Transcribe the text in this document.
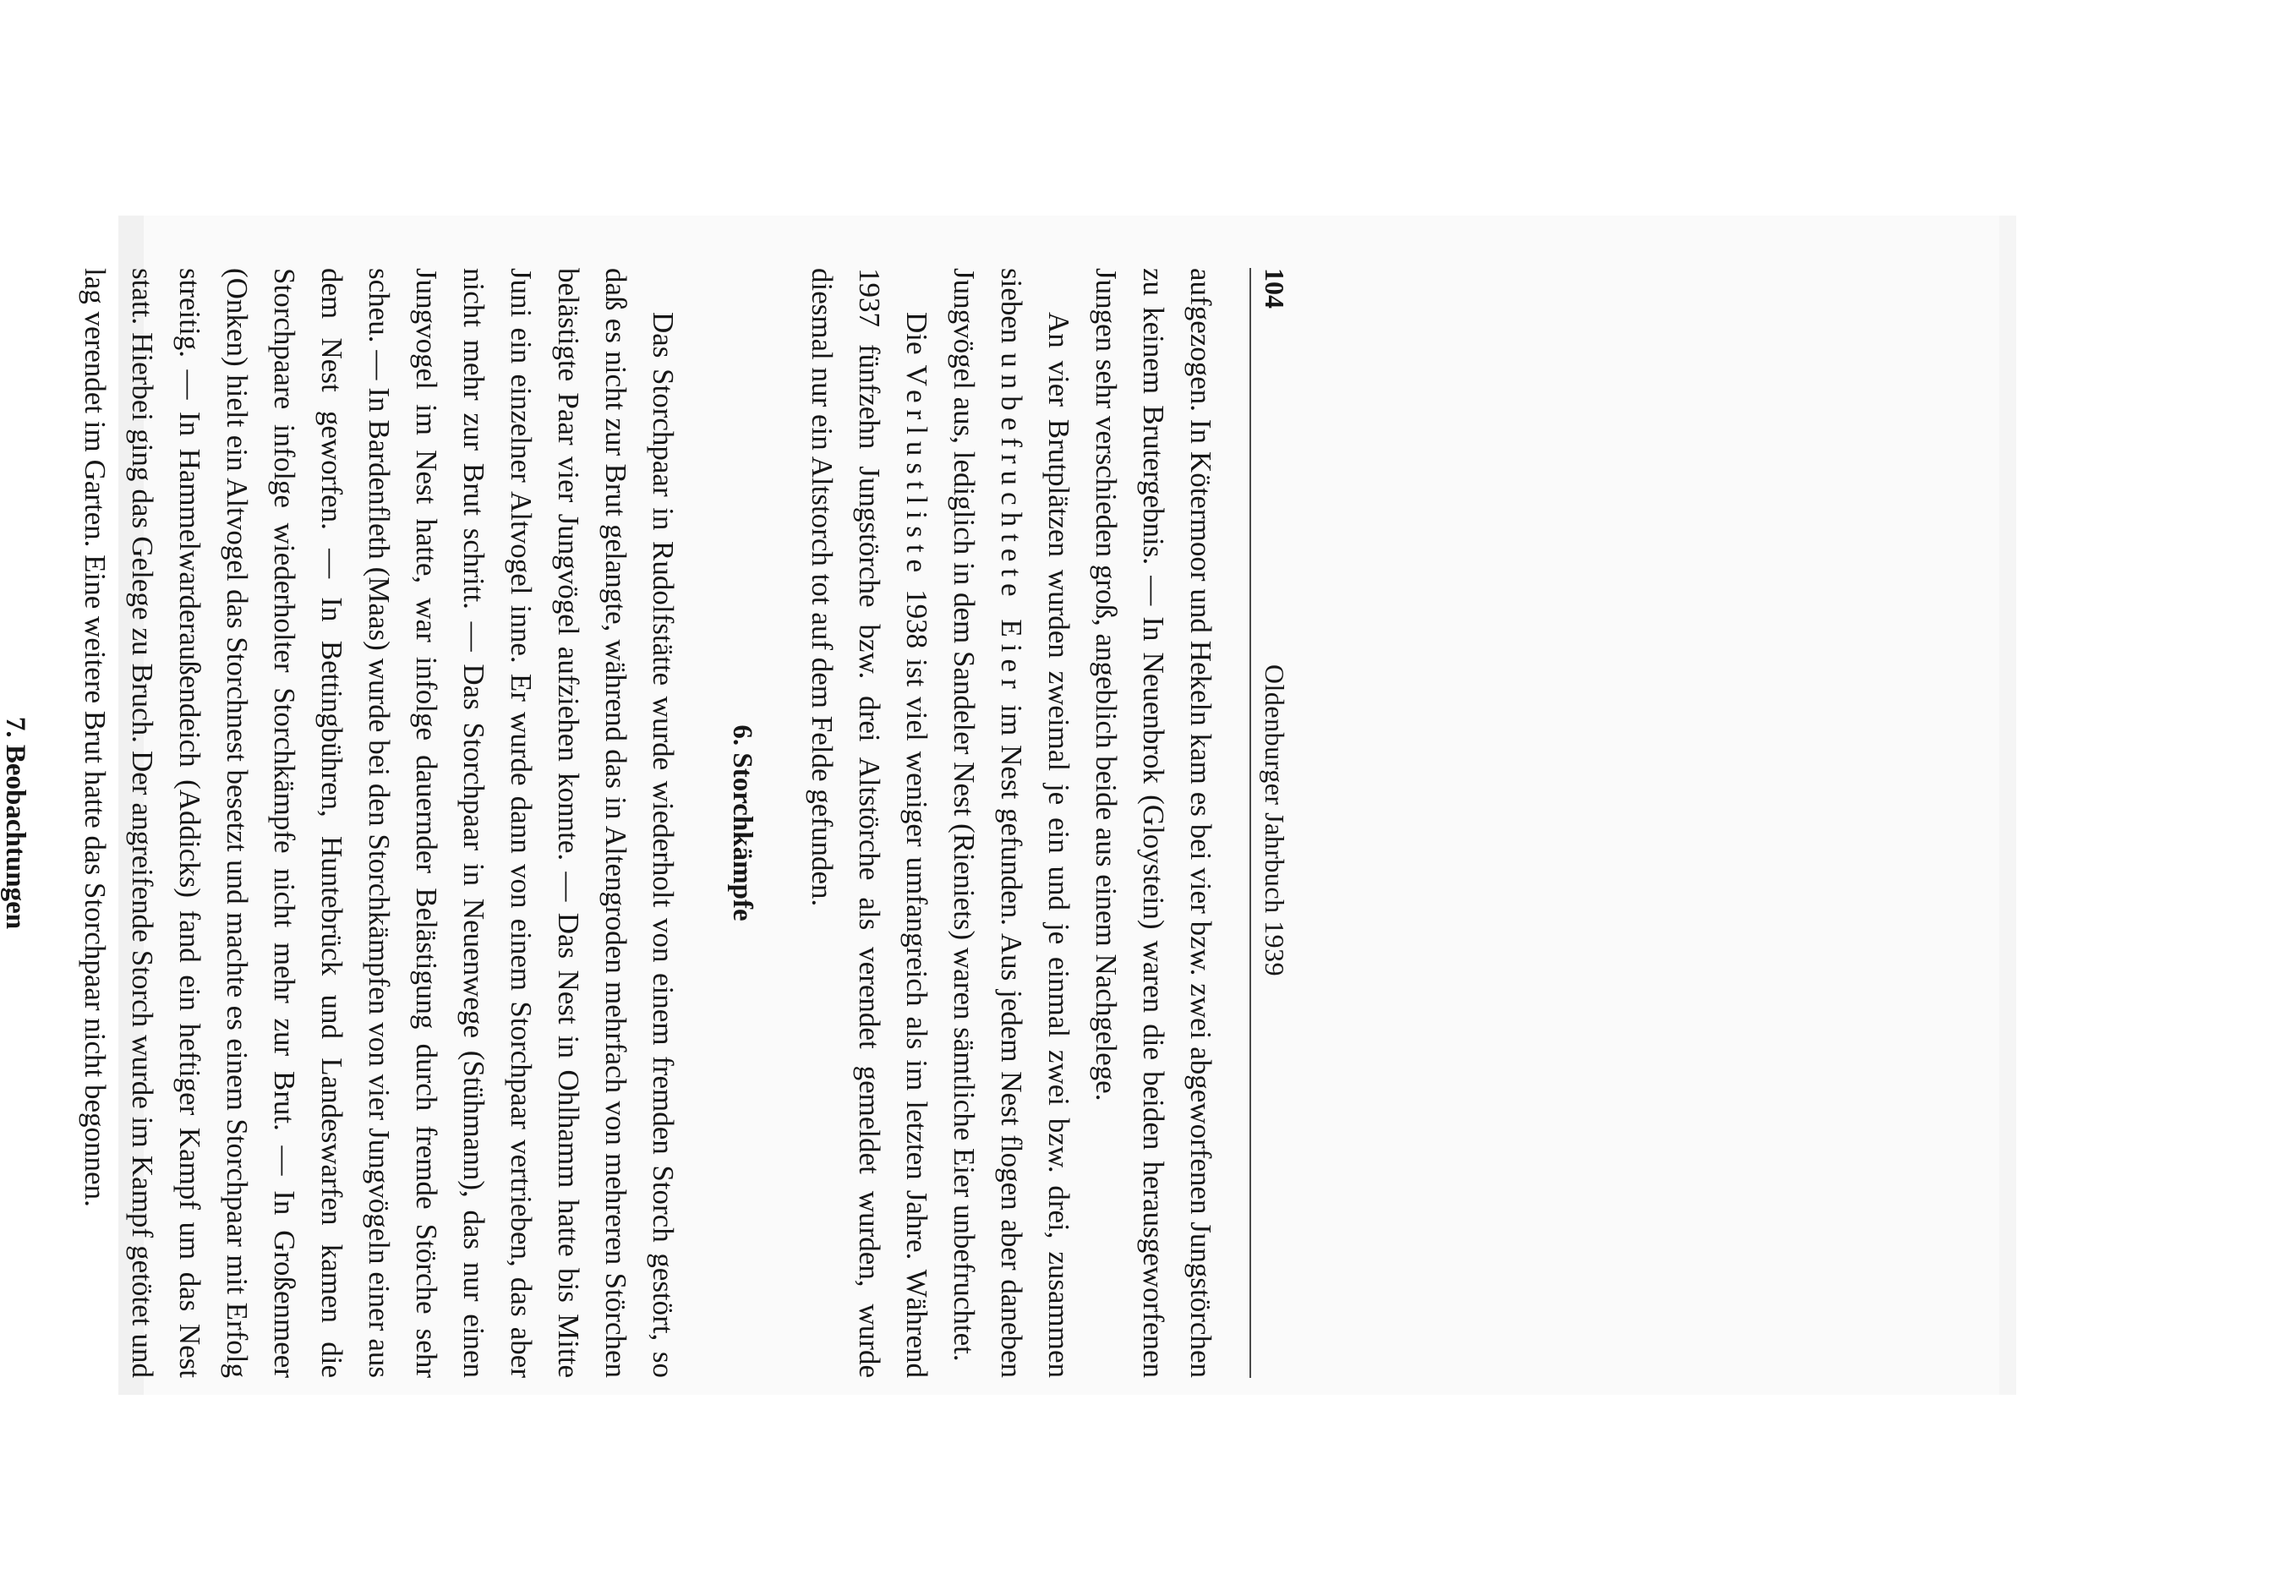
104
Oldenburger Jahrbuch 1939

aufgezogen. In Kötermoor und Hekeln kam es bei vier bzw. zwei abgeworfenen Jungstörchen zu keinem Brutergebnis. — In Neuenbrok (Gloystein) waren die beiden herausgeworfenen Jungen sehr verschieden groß, angeblich beide aus einem Nachgelege.

An vier Brutplätzen wurden zweimal je ein und je einmal zwei bzw. drei, zusammen sieben unbefruchtete Eier im Nest gefunden. Aus jedem Nest flogen aber daneben Jungvögel aus, lediglich in dem Sandeler Nest (Rieniets) waren sämtliche Eier unbefruchtet.

Die Verlustliste 1938 ist viel weniger umfangreich als im letzten Jahre. Während 1937 fünfzehn Jungstörche bzw. drei Altstörche als verendet gemeldet wurden, wurde diesmal nur ein Altstorch tot auf dem Felde gefunden.

6. Storchkämpfe

Das Storchpaar in Rudolfstätte wurde wiederholt von einem fremden Storch gestört, so daß es nicht zur Brut gelangte, während das in Altengroden mehrfach von mehreren Störchen belästigte Paar vier Jungvögel aufziehen konnte. — Das Nest in Ohlhamm hatte bis Mitte Juni ein einzelner Altvogel inne. Er wurde dann von einem Storchpaar vertrieben, das aber nicht mehr zur Brut schritt. — Das Storchpaar in Neuenwege (Stühmann), das nur einen Jungvogel im Nest hatte, war infolge dauernder Belästigung durch fremde Störche sehr scheu. — In Bardenfleth (Maas) wurde bei den Storchkämpfen von vier Jungvögeln einer aus dem Nest geworfen. — In Bettingbühren, Huntebrück und Landeswarfen kamen die Storchpaare infolge wiederholter Storchkämpfe nicht mehr zur Brut. — In Großenmeer (Onken) hielt ein Altvogel das Storchnest besetzt und machte es einem Storchpaar mit Erfolg streitig. — In Hammelwarderaußendeich (Addicks) fand ein heftiger Kampf um das Nest statt. Hierbei ging das Gelege zu Bruch. Der angreifende Storch wurde im Kampf getötet und lag verendet im Garten. Eine weitere Brut hatte das Storchpaar nicht begonnen.

7. Beobachtungen
